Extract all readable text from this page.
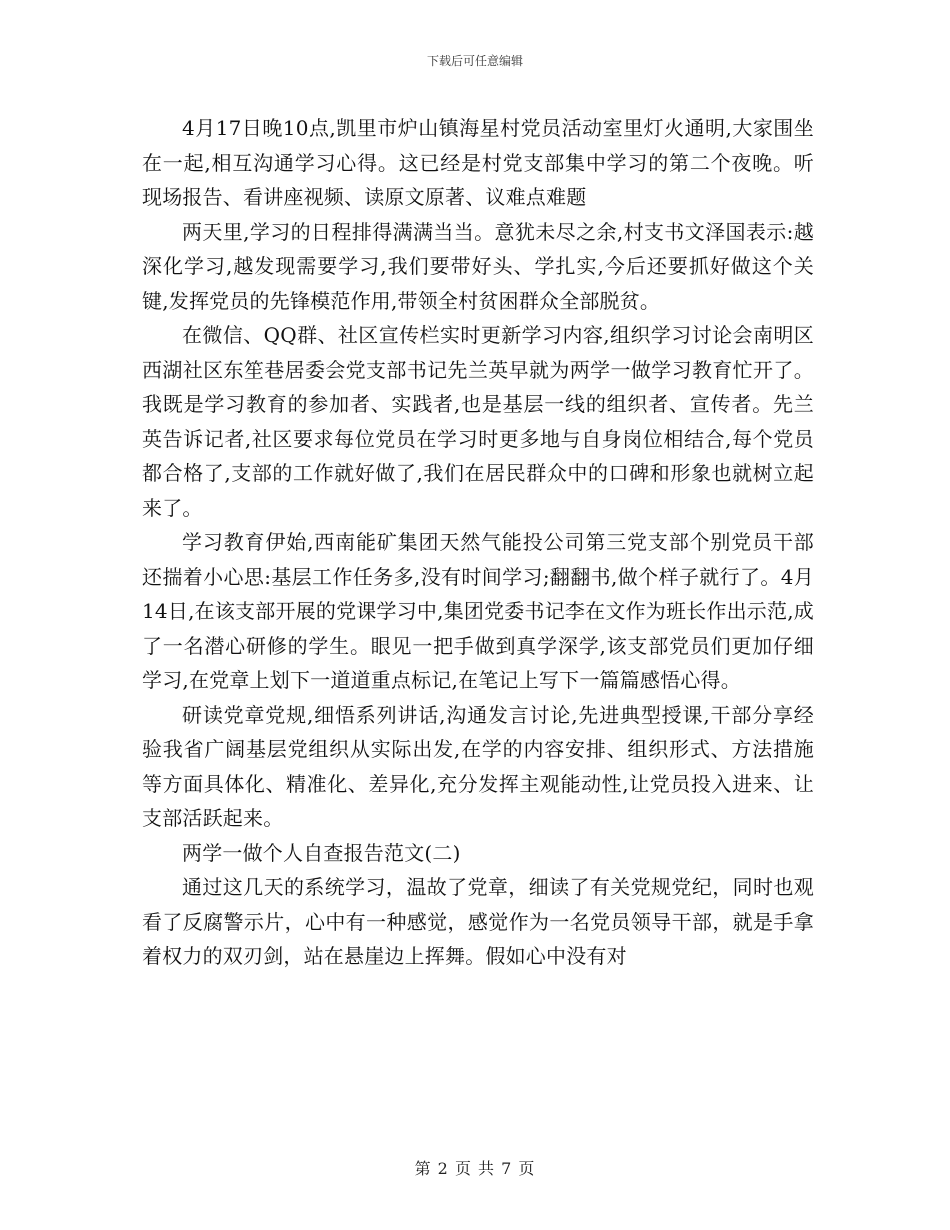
下载后可任意编辑

4月17日晚10点,凯里市炉山镇海星村党员活动室里灯火通明,大家围坐在一起,相互沟通学习心得。这已经是村党支部集中学习的第二个夜晚。听现场报告、看讲座视频、读原文原著、议难点难题

两天里,学习的日程排得满满当当。意犹未尽之余,村支书文泽国表示:越深化学习,越发现需要学习,我们要带好头、学扎实,今后还要抓好做这个关键,发挥党员的先锋模范作用,带领全村贫困群众全部脱贫。

在微信、QQ群、社区宣传栏实时更新学习内容,组织学习讨论会南明区西湖社区东笙巷居委会党支部书记先兰英早就为两学一做学习教育忙开了。我既是学习教育的参加者、实践者,也是基层一线的组织者、宣传者。先兰英告诉记者,社区要求每位党员在学习时更多地与自身岗位相结合,每个党员都合格了,支部的工作就好做了,我们在居民群众中的口碑和形象也就树立起来了。

学习教育伊始,西南能矿集团天然气能投公司第三党支部个别党员干部还揣着小心思:基层工作任务多,没有时间学习;翻翻书,做个样子就行了。4月14日,在该支部开展的党课学习中,集团党委书记李在文作为班长作出示范,成了一名潜心研修的学生。眼见一把手做到真学深学,该支部党员们更加仔细学习,在党章上划下一道道重点标记,在笔记上写下一篇篇感悟心得。

研读党章党规,细悟系列讲话,沟通发言讨论,先进典型授课,干部分享经验我省广阔基层党组织从实际出发,在学的内容安排、组织形式、方法措施等方面具体化、精准化、差异化,充分发挥主观能动性,让党员投入进来、让支部活跃起来。

两学一做个人自查报告范文(二)

通过这几天的系统学习，温故了党章，细读了有关党规党纪，同时也观看了反腐警示片，心中有一种感觉，感觉作为一名党员领导干部，就是手拿着权力的双刃剑，站在悬崖边上挥舞。假如心中没有对

第 2 页 共 7 页
